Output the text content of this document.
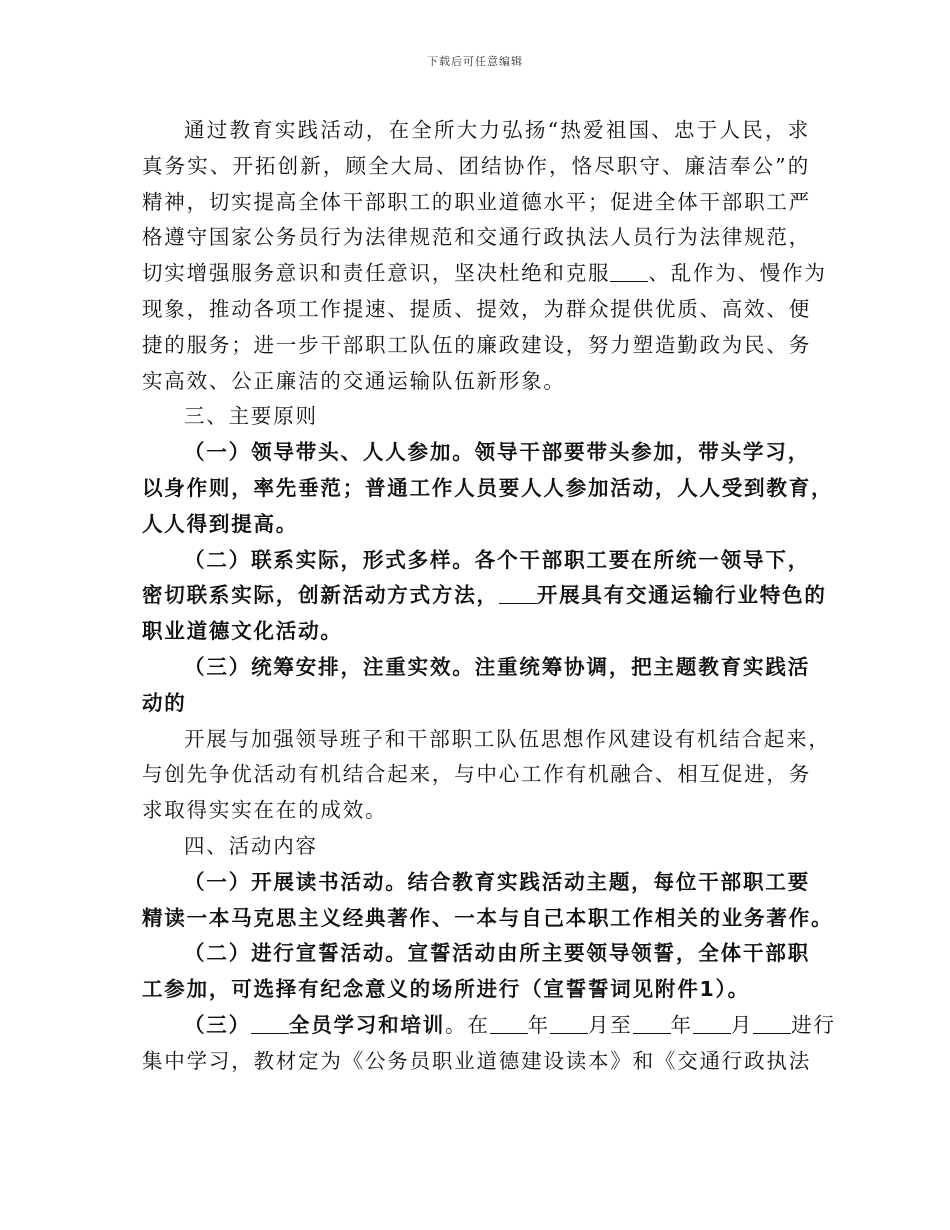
下载后可任意编辑

通过教育实践活动，在全所大力弘扬“热爱祖国、忠于人民，求
真务实、开拓创新，顾全大局、团结协作，恪尽职守、廉洁奉公”的
精神，切实提高全体干部职工的职业道德水平；促进全体干部职工严
格遵守国家公务员行为法律规范和交通行政执法人员行为法律规范，
切实增强服务意识和责任意识，坚决杜绝和克服 、乱作为、慢作为
现象，推动各项工作提速、提质、提效，为群众提供优质、高效、便
捷的服务；进一步干部职工队伍的廉政建设，努力塑造勤政为民、务
实高效、公正廉洁的交通运输队伍新形象。

三、主要原则

（一）领导带头、人人参加。领导干部要带头参加，带头学习，
以身作则，率先垂范；普通工作人员要人人参加活动，人人受到教育，
人人得到提高。

（二）联系实际，形式多样。各个干部职工要在所统一领导下，
密切联系实际，创新活动方式方法， 开展具有交通运输行业特色的
职业道德文化活动。

（三）统筹安排，注重实效。注重统筹协调，把主题教育实践活
动的

开展与加强领导班子和干部职工队伍思想作风建设有机结合起来，
与创先争优活动有机结合起来，与中心工作有机融合、相互促进，务
求取得实实在在的成效。

四、活动内容

（一）开展读书活动。结合教育实践活动主题，每位干部职工要
精读一本马克思主义经典著作、一本与自己本职工作相关的业务著作。

（二）进行宣誓活动。宣誓活动由所主要领导领誓，全体干部职
工参加，可选择有纪念意义的场所进行（宣誓誓词见附件1）。

（三） 全员学习和培训。在 年 月至 年 月 进行
集中学习，教材定为《公务员职业道德建设读本》和《交通行政执法
